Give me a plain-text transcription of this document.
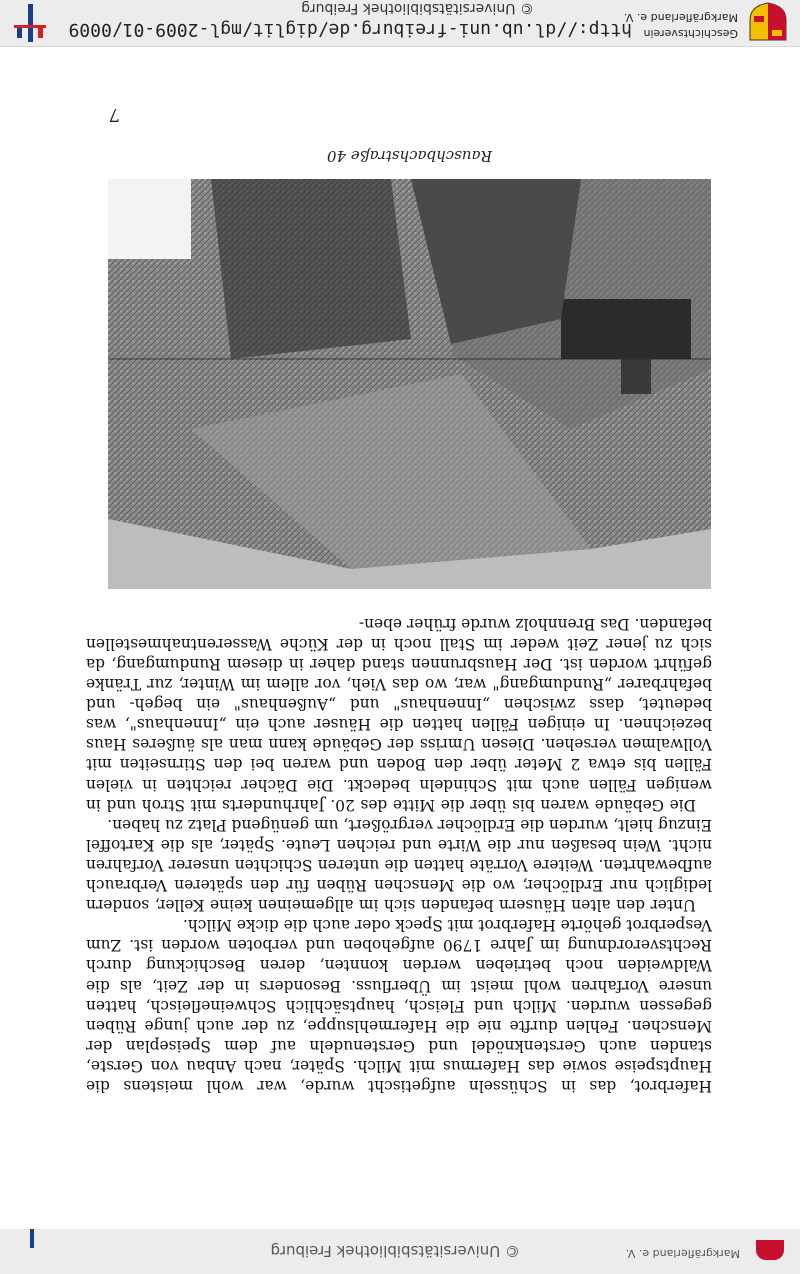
© Universitätsbibliothek Freiburg	Markgräflerland e. V.

Haferbrot, das in Schüsseln aufgetischt wurde, war wohl meistens die Hauptspeise sowie das Hafermus mit Milch. Später, nach Anbau von Gerste, standen auch Gerstenknödel und Gerstenudeln auf dem Speiseplan der Menschen. Fehlen durfte nie die Hafermehlsuppe, zu der auch junge Rüben gegessen wurden. Milch und Fleisch, hauptsächlich Schweinefleisch, hatten unsere Vorfahren wohl meist im Überfluss. Besonders in der Zeit, als die Waldweiden noch betrieben werden konnten, deren Beschickung durch Rechtsverordnung im Jahre 1790 aufgehoben und verboten worden ist. Zum Vesperbrot gehörte Haferbrot mit Speck oder auch die dicke Milch.

Unter den alten Häusern befanden sich im allgemeinen keine Keller, sondern lediglich nur Erdlöcher, wo die Menschen Rüben für den späteren Verbrauch aufbewahrten. Weitere Vorräte hatten die unteren Schichten unserer Vorfahren nicht. Wein besaßen nur die Wirte und reichen Leute. Später, als die Kartoffel Einzug hielt, wurden die Erdlöcher vergrößert, um genügend Platz zu haben.

Die Gebäude waren bis über die Mitte des 20. Jahrhunderts mit Stroh und in wenigen Fällen auch mit Schindeln bedeckt. Die Dächer reichten in vielen Fällen bis etwa 2 Meter über den Boden und waren bei den Stirnseiten mit Vollwalmen versehen. Diesen Umriss der Gebäude kann man als äußeres Haus bezeichnen. In einigen Fällen hatten die Häuser auch ein „Innenhaus", was bedeutet, dass zwischen „Innenhaus" und „Außenhaus" ein begeh- und befahrbarer „Rundumgang" war, wo das Vieh, vor allem im Winter, zur Tränke geführt worden ist. Der Hausbrunnen stand daher in diesem Rundumgang, da sich zu jener Zeit weder im Stall noch in der Küche Wasserentnahmestellen befanden. Das Brennholz wurde früher eben-

Rauschbachstraße 40
7
http://dl.ub.uni-freiburg.de/diglit/mgl-2009-01/0009
© Universitätsbibliothek Freiburg
Geschichtsverein
Markgräflerland e. V.
